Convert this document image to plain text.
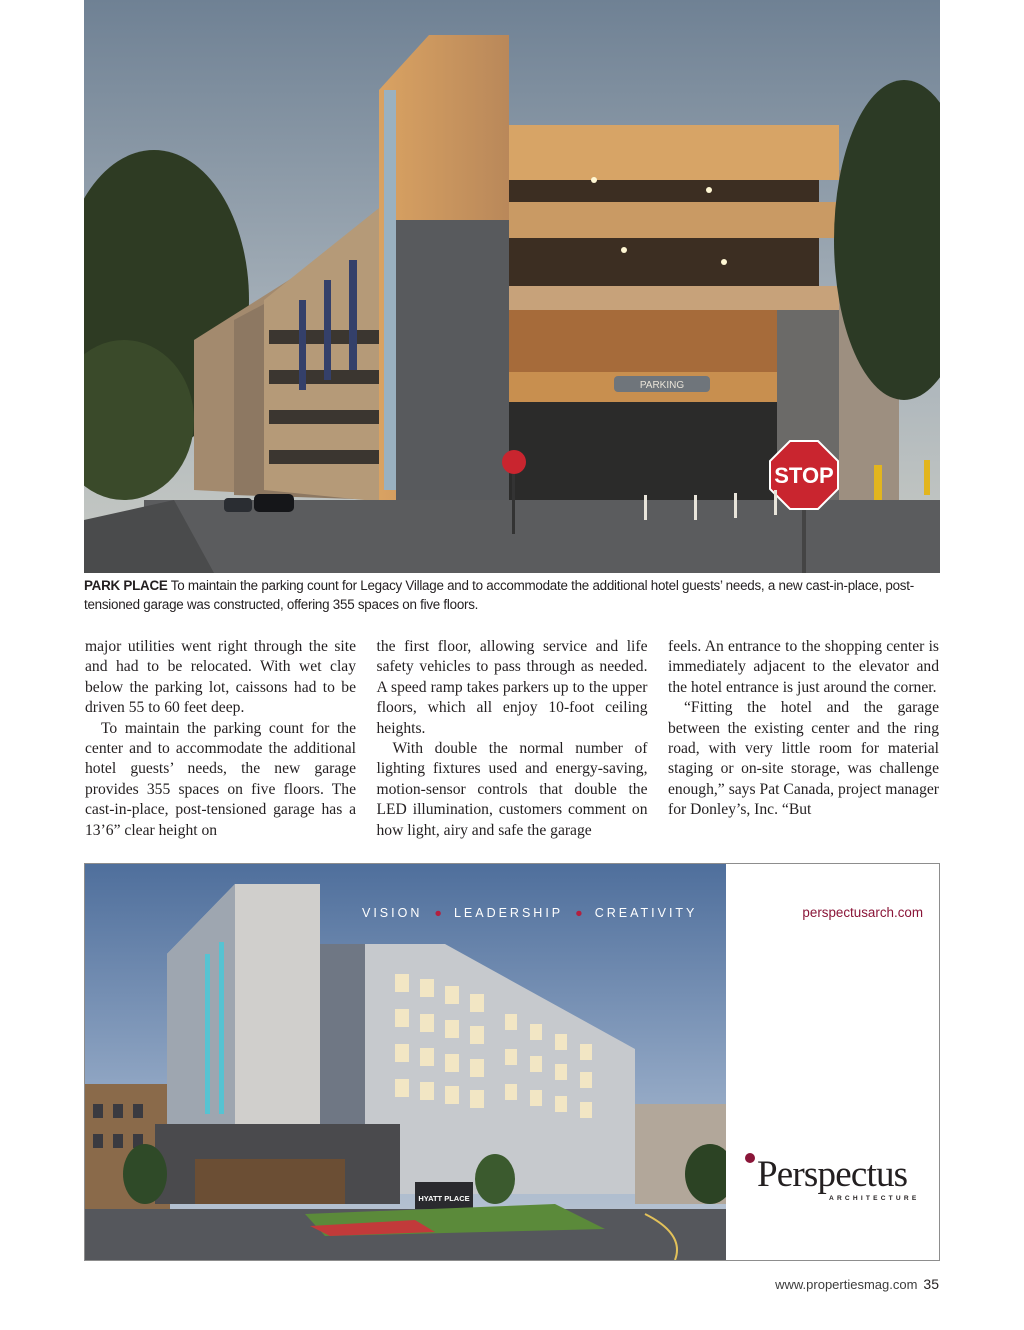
PARKING
STOP
PARK PLACE To maintain the parking count for Legacy Village and to accommodate the additional hotel guests’ needs, a new cast-in-place, post-tensioned garage was constructed, offering 355 spaces on five floors.

major utilities went right through the site and had to be relocated. With wet clay below the parking lot, caissons had to be driven 55 to 60 feet deep.

To maintain the parking count for the center and to accommodate the additional hotel guests’ needs, the new garage provides 355 spaces on five floors. The cast-in-place, post-tensioned garage has a 13’6” clear height on

the first floor, allowing service and life safety vehicles to pass through as needed. A speed ramp takes parkers up to the upper floors, which all enjoy 10-foot ceiling heights.

With double the normal number of lighting fixtures used and energy-saving, motion-sensor controls that double the LED illumination, customers comment on how light, airy and safe the garage

feels. An entrance to the shopping center is immediately adjacent to the elevator and the hotel entrance is just around the corner.

“Fitting the hotel and the garage between the existing center and the ring road, with very little room for material staging or on-site storage, was challenge enough,” says Pat Canada, project manager for Donley’s, Inc. “But

HYATT PLACE
VISION ● LEADERSHIP ● CREATIVITY	perspectusarch.com
Perspectus
ARCHITECTURE
www.propertiesmag.com 35
